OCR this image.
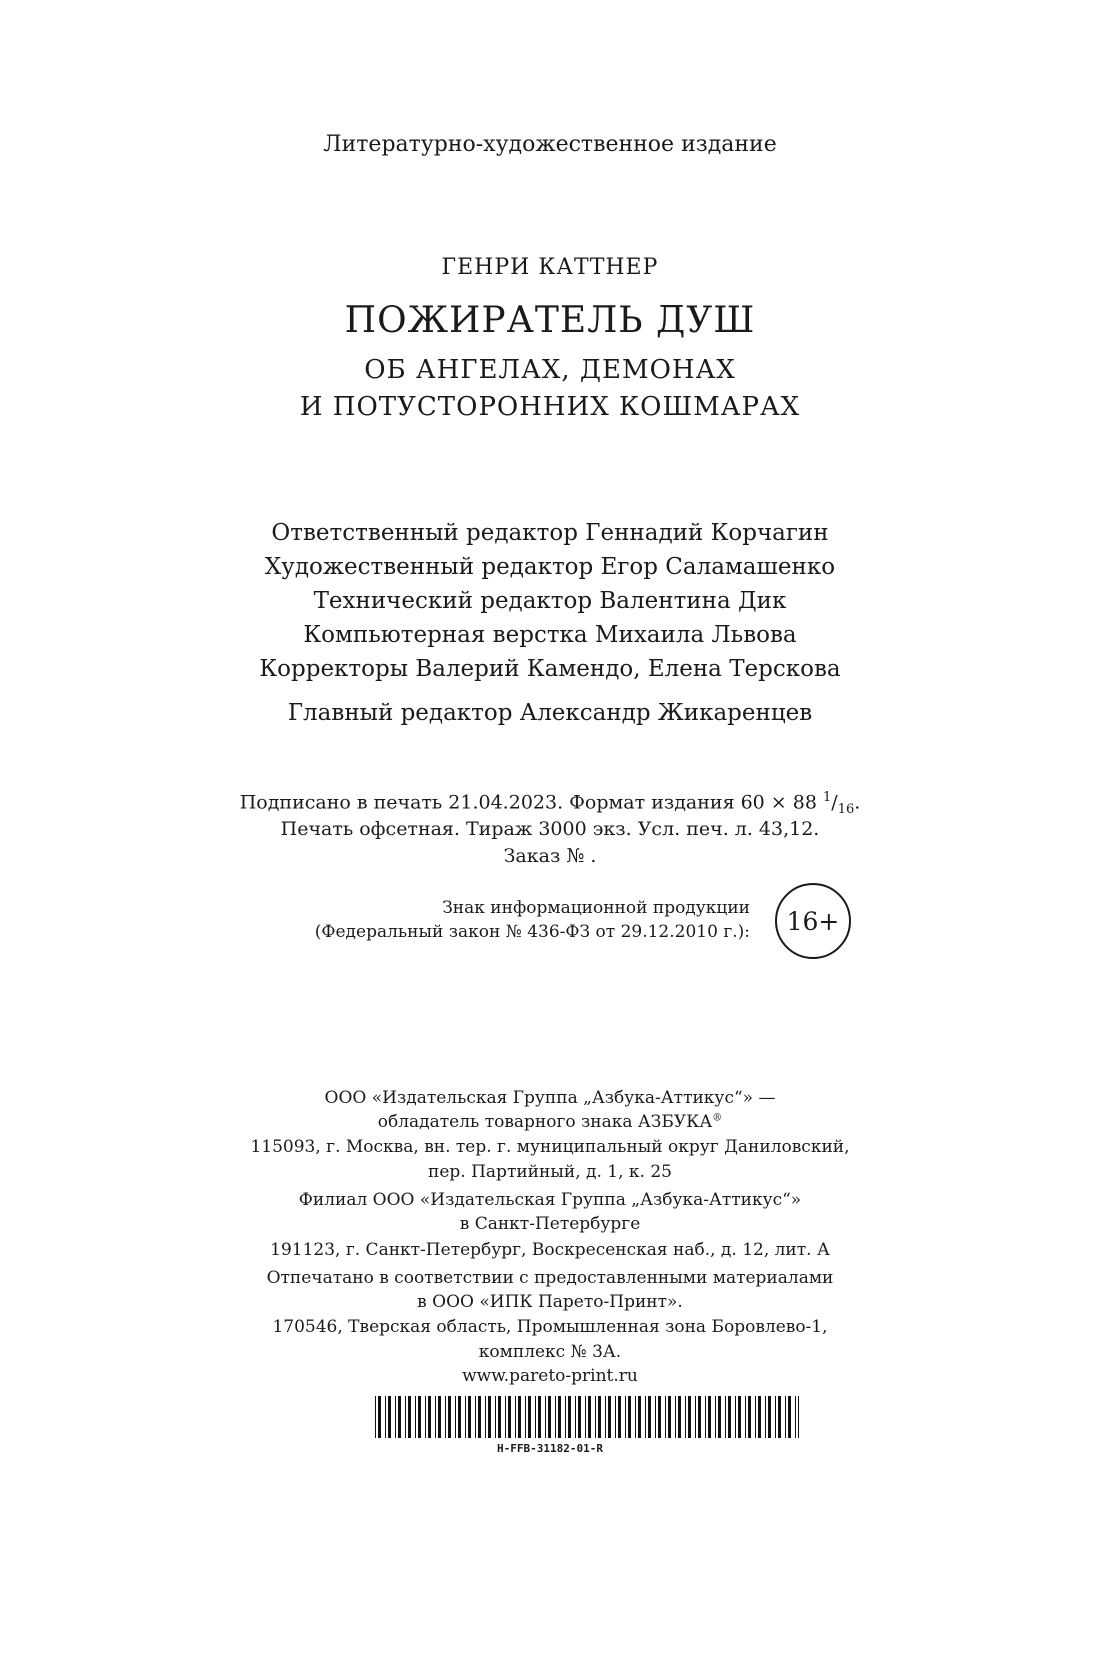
Литературно-художественное издание
ГЕНРИ КАТТНЕР
ПОЖИРАТЕЛЬ ДУШ
ОБ АНГЕЛАХ, ДЕМОНАХ
И ПОТУСТОРОННИХ КОШМАРАХ
Ответственный редактор Геннадий Корчагин
Художественный редактор Егор Саламашенко
Технический редактор Валентина Дик
Компьютерная верстка Михаила Львова
Корректоры Валерий Камендо, Елена Терскова
Главный редактор Александр Жикаренцев
Подписано в печать 21.04.2023. Формат издания 60 × 88 $^1/_{16}$.
Печать офсетная. Тираж 3000 экз. Усл. печ. л. 43,12.
Заказ № .
Знак информационной продукции
(Федеральный закон № 436-ФЗ от 29.12.2010 г.): 16+
ООО «Издательская Группа „Азбука-Аттикус“» —
обладатель товарного знака АЗБУКА®
115093, г. Москва, вн. тер. г. муниципальный округ Даниловский,
пер. Партийный, д. 1, к. 25
Филиал ООО «Издательская Группа „Азбука-Аттикус“»
в Санкт-Петербурге
191123, г. Санкт-Петербург, Воскресенская наб., д. 12, лит. А
Отпечатано в соответствии с предоставленными материалами
в ООО «ИПК Парето-Принт».
170546, Тверская область, Промышленная зона Боровлево-1,
комплекс № 3А.
www.pareto-print.ru
H-FFB-31182-01-R
